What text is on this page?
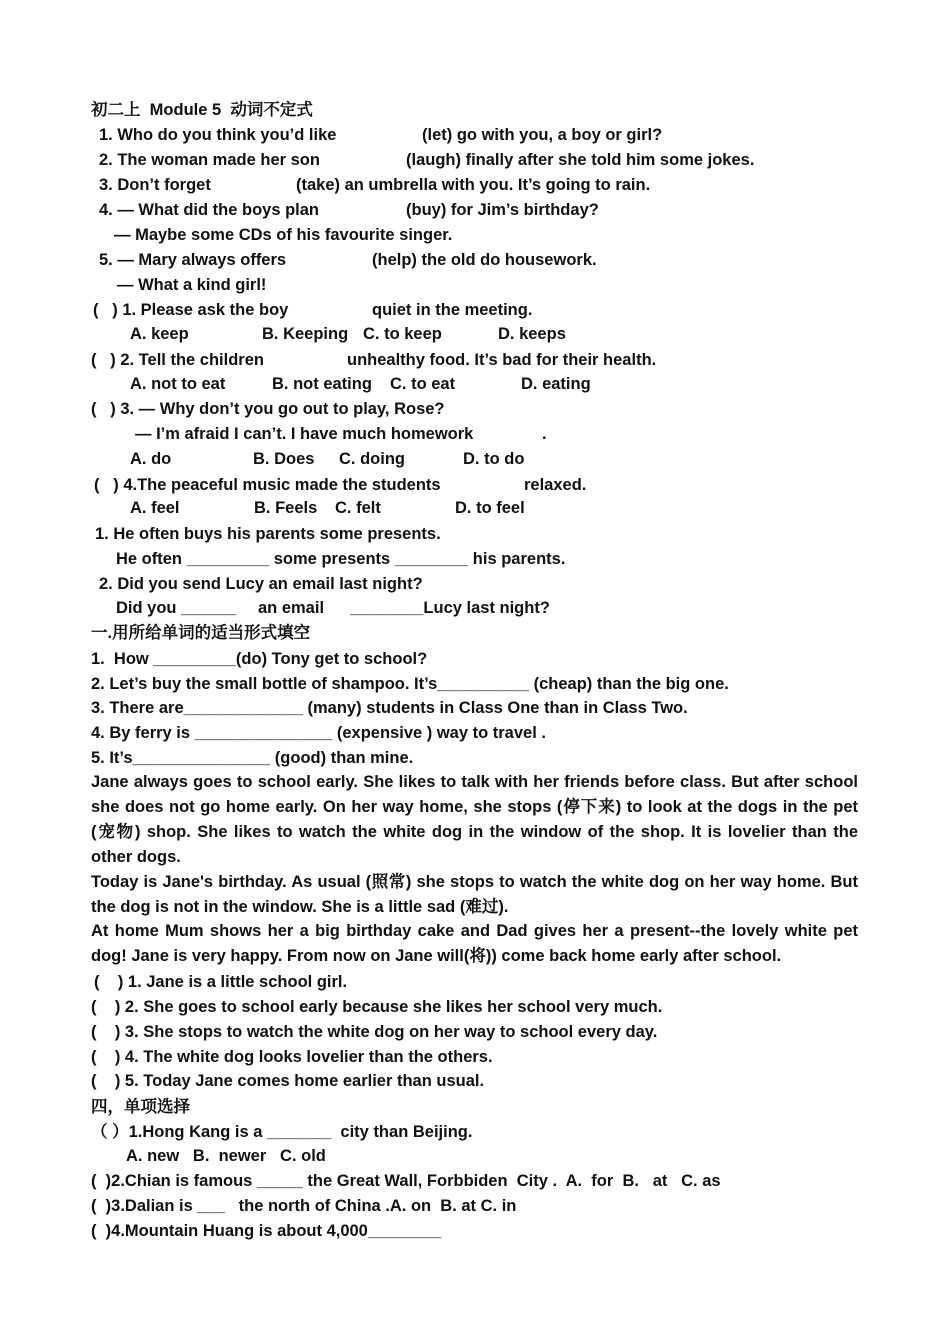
初二上  Module 5  动词不定式
1. Who do you think you’d like	(let) go with you, a boy or girl?
2. The woman made her son	(laugh) finally after she told him some jokes.
3. Don’t forget	(take) an umbrella with you. It’s going to rain.
4. — What did the boys plan	(buy) for Jim’s birthday?
— Maybe some CDs of his favourite singer.
5. — Mary always offers	(help) the old do housework.
— What a kind girl!
(   ) 1. Please ask the boy	quiet in the meeting.
A. keep	B. Keeping C. to keep	D. keeps
(   ) 2. Tell the children	unhealthy food. It’s bad for their health.
A. not to eat	B. not eating C. to eat	D. eating
(   ) 3. — Why don’t you go out to play, Rose?
— I’m afraid I can’t. I have much homework	.
A. do	B. Does C. doing	D. to do
(   ) 4.The peaceful music made the students	relaxed.
A. feel	B. Feels C. felt	D. to feel
1. He often buys his parents some presents.
He often _________ some presents ________ his parents.
2. Did you send Lucy an email last night?
Did you ______ an email ________Lucy last night?
一.用所给单词的适当形式填空
1.  How _________(do) Tony get to school?
2. Let’s buy the small bottle of shampoo. It’s__________ (cheap) than the big one.
3. There are_____________ (many) students in Class One than in Class Two.
4. By ferry is _______________ (expensive ) way to travel .
5. It’s_______________ (good) than mine.

Jane always goes to school early. She likes to talk with her friends before class. But after school she does not go home early. On her way home, she stops (停下来) to look at the dogs in the pet (宠物) shop. She likes to watch the white dog in the window of the shop. It is lovelier than the other dogs.

Today is Jane's birthday. As usual (照常) she stops to watch the white dog on her way home. But the dog is not in the window. She is a little sad (难过).

At home Mum shows her a big birthday cake and Dad gives her a present--the lovely white pet dog! Jane is very happy. From now on Jane will(将)) come back home early after school.

(    ) 1. Jane is a little school girl.
(    ) 2. She goes to school early because she likes her school very much.
(    ) 3. She stops to watch the white dog on her way to school every day.
(    ) 4. The white dog looks lovelier than the others.
(    ) 5. Today Jane comes home earlier than usual.
四，单项选择
（ ）1.Hong Kang is a _______  city than Beijing.
A. new   B.  newer   C. old
(  )2.Chian is famous _____ the Great Wall, Forbbiden  City .  A.  for  B.   at   C. as
(  )3.Dalian is ___   the north of China .A. on  B. at C. in
(  )4.Mountain Huang is about 4,000________
